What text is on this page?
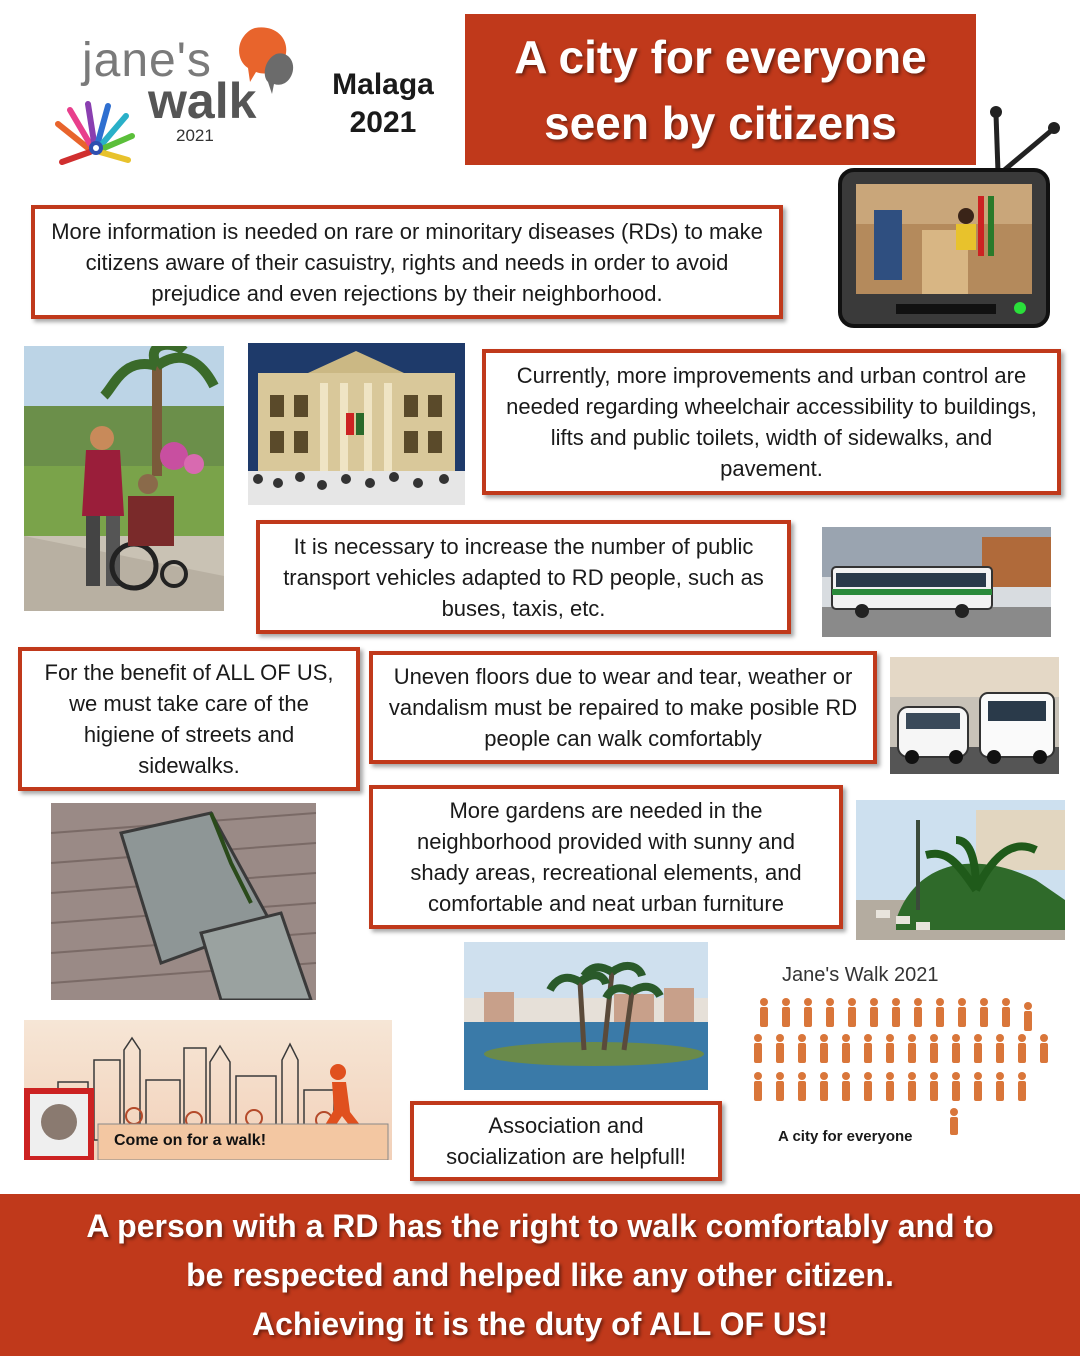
jane's
walk
2021
Malaga
2021
A city for everyone
seen by citizens
More information is needed on rare or minoritary diseases (RDs) to make citizens aware of their casuistry, rights and needs in order to avoid prejudice and even rejections by their neighborhood.
Currently, more improvements and urban control are needed regarding wheelchair accessibility to buildings, lifts and public toilets, width of sidewalks, and pavement.
It is necessary to increase the number of public transport vehicles adapted to RD people, such as buses, taxis, etc.
For the benefit of ALL OF US, we must take care of the higiene of streets and sidewalks.
Uneven floors due to wear and tear, weather or vandalism must be repaired to make posible RD people can walk comfortably
More gardens are needed in the neighborhood provided with sunny and shady areas, recreational elements, and comfortable and neat urban furniture
Jane's Walk 2021
A city for everyone
Come on for a walk!
Association and socialization are helpfull!
A person with a RD has the right to walk comfortably and to
be respected and helped like any other citizen.
Achieving it is the duty of ALL OF US!
